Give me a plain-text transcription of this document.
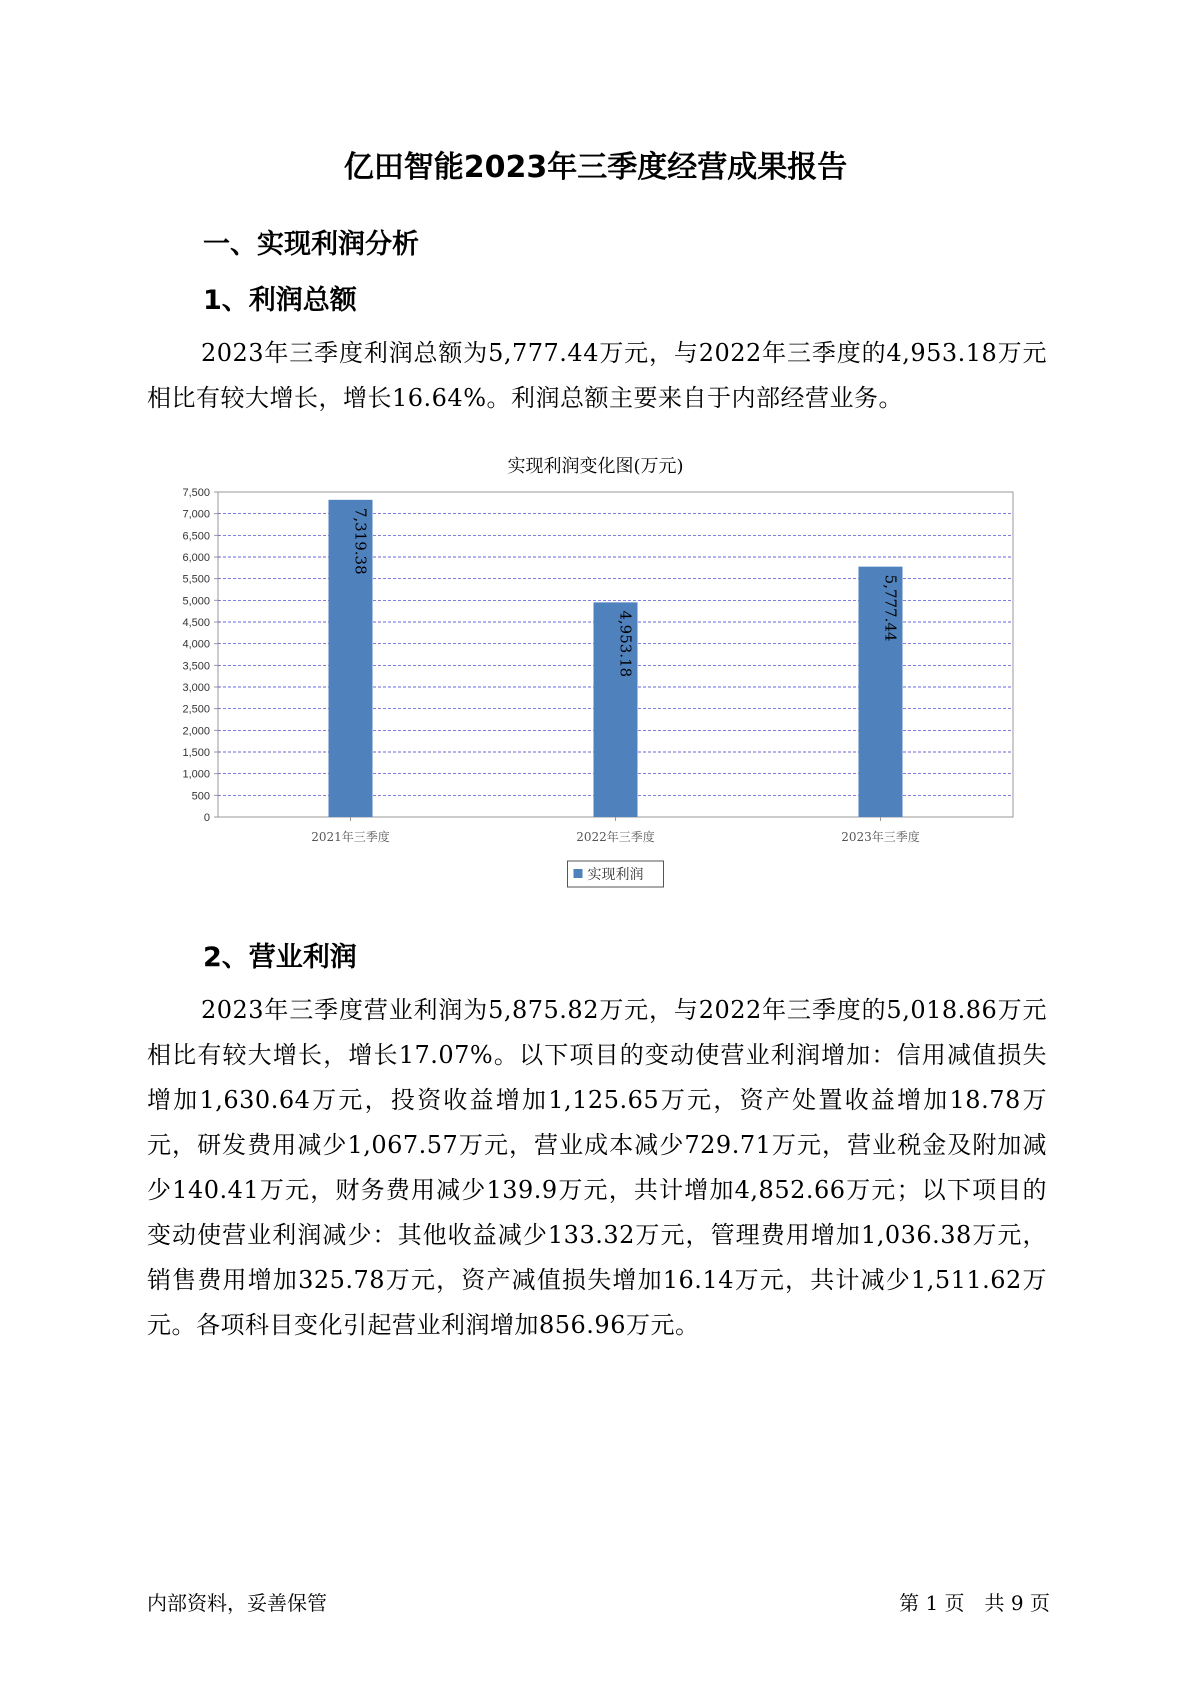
亿田智能2023年三季度经营成果报告
一、实现利润分析
1、利润总额

2023年三季度利润总额为5,777.44万元，与2022年三季度的4,953.18万元相比有较大增长，增长16.64%。利润总额主要来自于内部经营业务。

实现利润变化图(万元)
0
500
1,000
1,500
2,000
2,500
3,000
3,500
4,000
4,500
5,000
5,500
6,000
6,500
7,000
7,500
7,319.38
2021年三季度
4,953.18
2022年三季度
5,777.44
2023年三季度
实现利润
2、营业利润

2023年三季度营业利润为5,875.82万元，与2022年三季度的5,018.86万元相比有较大增长，增长17.07%。以下项目的变动使营业利润增加：信用减值损失增加1,630.64万元，投资收益增加1,125.65万元，资产处置收益增加18.78万元，研发费用减少1,067.57万元，营业成本减少729.71万元，营业税金及附加减少140.41万元，财务费用减少139.9万元，共计增加4,852.66万元；以下项目的变动使营业利润减少：其他收益减少133.32万元，管理费用增加1,036.38万元，销售费用增加325.78万元，资产减值损失增加16.14万元，共计减少1,511.62万元。各项科目变化引起营业利润增加856.96万元。

内部资料，妥善保管	第 1 页　共 9 页
